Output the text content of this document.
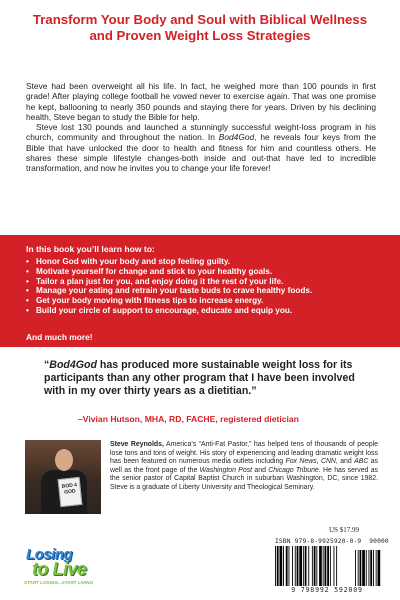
Transform Your Body and Soul with Biblical Wellness and Proven Weight Loss Strategies

Steve had been overweight all his life. In fact, he weighed more than 100 pounds in first grade! After playing college football he vowed never to exercise again. That was one promise he kept, ballooning to nearly 350 pounds and staying there for years. Driven by his declining health, Steve began to study the Bible for help.

Steve lost 130 pounds and launched a stunningly successful weight-loss program in his church, community and throughout the nation. In Bod4God, he reveals four keys from the Bible that have unlocked the door to health and fitness for him and countless others. He shares these simple lifestyle changes-both inside and out-that have led to incredible transformation, and now he invites you to change your life forever!

In this book you’ll learn how to:
• Honor God with your body and stop feeling guilty.
• Motivate yourself for change and stick to your healthy goals.
• Tailor a plan just for you, and enjoy doing it the rest of your life.
• Manage your eating and retrain your taste buds to crave healthy foods.
• Get your body moving with fitness tips to increase energy.
• Build your circle of support to encourage, educate and equip you.
•
And much more!
“Bod4God has produced more sustainable weight loss for its participants than any other program that I have been involved with in my over thirty years as a dietitian.”
–Vivian Hutson, MHA, RD, FACHE, registered dietician
BOD 4 GOD
Steve Reynolds, America’s “Anti-Fat Pastor,” has helped tens of thousands of people lose tons and tons of weight. His story of experiencing and leading dramatic weight loss has been featured on numerous media outlets including Fox News, CNN, and ABC as well as the front page of the Washington Post and Chicago Tribune. He has served as the senior pastor of Capital Baptist Church in suburban Washington, DC, since 1982. Steve is a graduate of Liberty University and Theological Seminary.
Losing
to Live
START LOSING...START LIVING
US $17.99
ISBN 979-8-9925920-0-9 90000
9 798992 592009
